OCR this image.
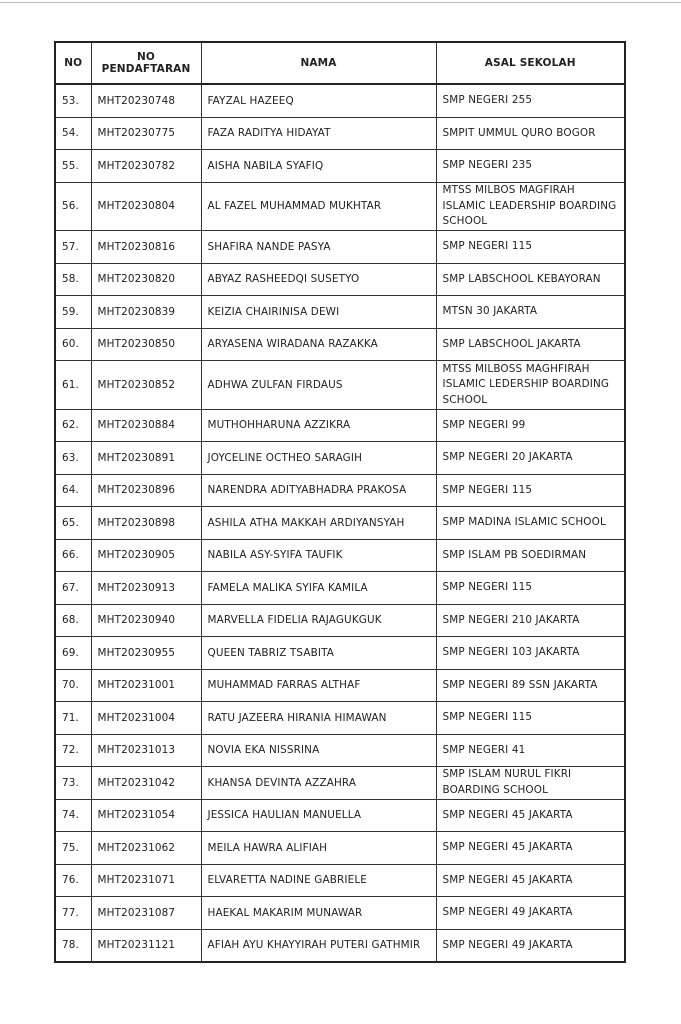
NO	NO PENDAFTARAN	NAMA	ASAL SEKOLAH
53.	MHT20230748	FAYZAL HAZEEQ	SMP NEGERI 255
54.	MHT20230775	FAZA RADITYA HIDAYAT	SMPIT UMMUL QURO BOGOR
55.	MHT20230782	AISHA NABILA SYAFIQ	SMP NEGERI 235
56.	MHT20230804	AL FAZEL MUHAMMAD MUKHTAR	MTSS MILBOS MAGFIRAH ISLAMIC LEADERSHIP BOARDING SCHOOL
57.	MHT20230816	SHAFIRA NANDE PASYA	SMP NEGERI 115
58.	MHT20230820	ABYAZ RASHEEDQI SUSETYO	SMP LABSCHOOL KEBAYORAN
59.	MHT20230839	KEIZIA CHAIRINISA DEWI	MTSN 30 JAKARTA
60.	MHT20230850	ARYASENA WIRADANA RAZAKKA	SMP LABSCHOOL JAKARTA
61.	MHT20230852	ADHWA ZULFAN FIRDAUS	MTSS MILBOSS MAGHFIRAH ISLAMIC LEDERSHIP BOARDING SCHOOL
62.	MHT20230884	MUTHOHHARUNA AZZIKRA	SMP NEGERI 99
63.	MHT20230891	JOYCELINE OCTHEO SARAGIH	SMP NEGERI 20 JAKARTA
64.	MHT20230896	NARENDRA ADITYABHADRA PRAKOSA	SMP NEGERI 115
65.	MHT20230898	ASHILA ATHA MAKKAH ARDIYANSYAH	SMP MADINA ISLAMIC SCHOOL
66.	MHT20230905	NABILA ASY-SYIFA TAUFIK	SMP ISLAM PB SOEDIRMAN
67.	MHT20230913	FAMELA MALIKA SYIFA KAMILA	SMP NEGERI 115
68.	MHT20230940	MARVELLA FIDELIA RAJAGUKGUK	SMP NEGERI 210 JAKARTA
69.	MHT20230955	QUEEN TABRIZ TSABITA	SMP NEGERI 103 JAKARTA
70.	MHT20231001	MUHAMMAD FARRAS ALTHAF	SMP NEGERI 89 SSN JAKARTA
71.	MHT20231004	RATU JAZEERA HIRANIA HIMAWAN	SMP NEGERI 115
72.	MHT20231013	NOVIA EKA NISSRINA	SMP NEGERI 41
73.	MHT20231042	KHANSA DEVINTA AZZAHRA	SMP ISLAM NURUL FIKRI BOARDING SCHOOL
74.	MHT20231054	JESSICA HAULIAN MANUELLA	SMP NEGERI 45 JAKARTA
75.	MHT20231062	MEILA HAWRA ALIFIAH	SMP NEGERI 45 JAKARTA
76.	MHT20231071	ELVARETTA NADINE GABRIELE	SMP NEGERI 45 JAKARTA
77.	MHT20231087	HAEKAL MAKARIM MUNAWAR	SMP NEGERI 49 JAKARTA
78.	MHT20231121	AFIAH AYU KHAYYIRAH PUTERI GATHMIR	SMP NEGERI 49 JAKARTA
